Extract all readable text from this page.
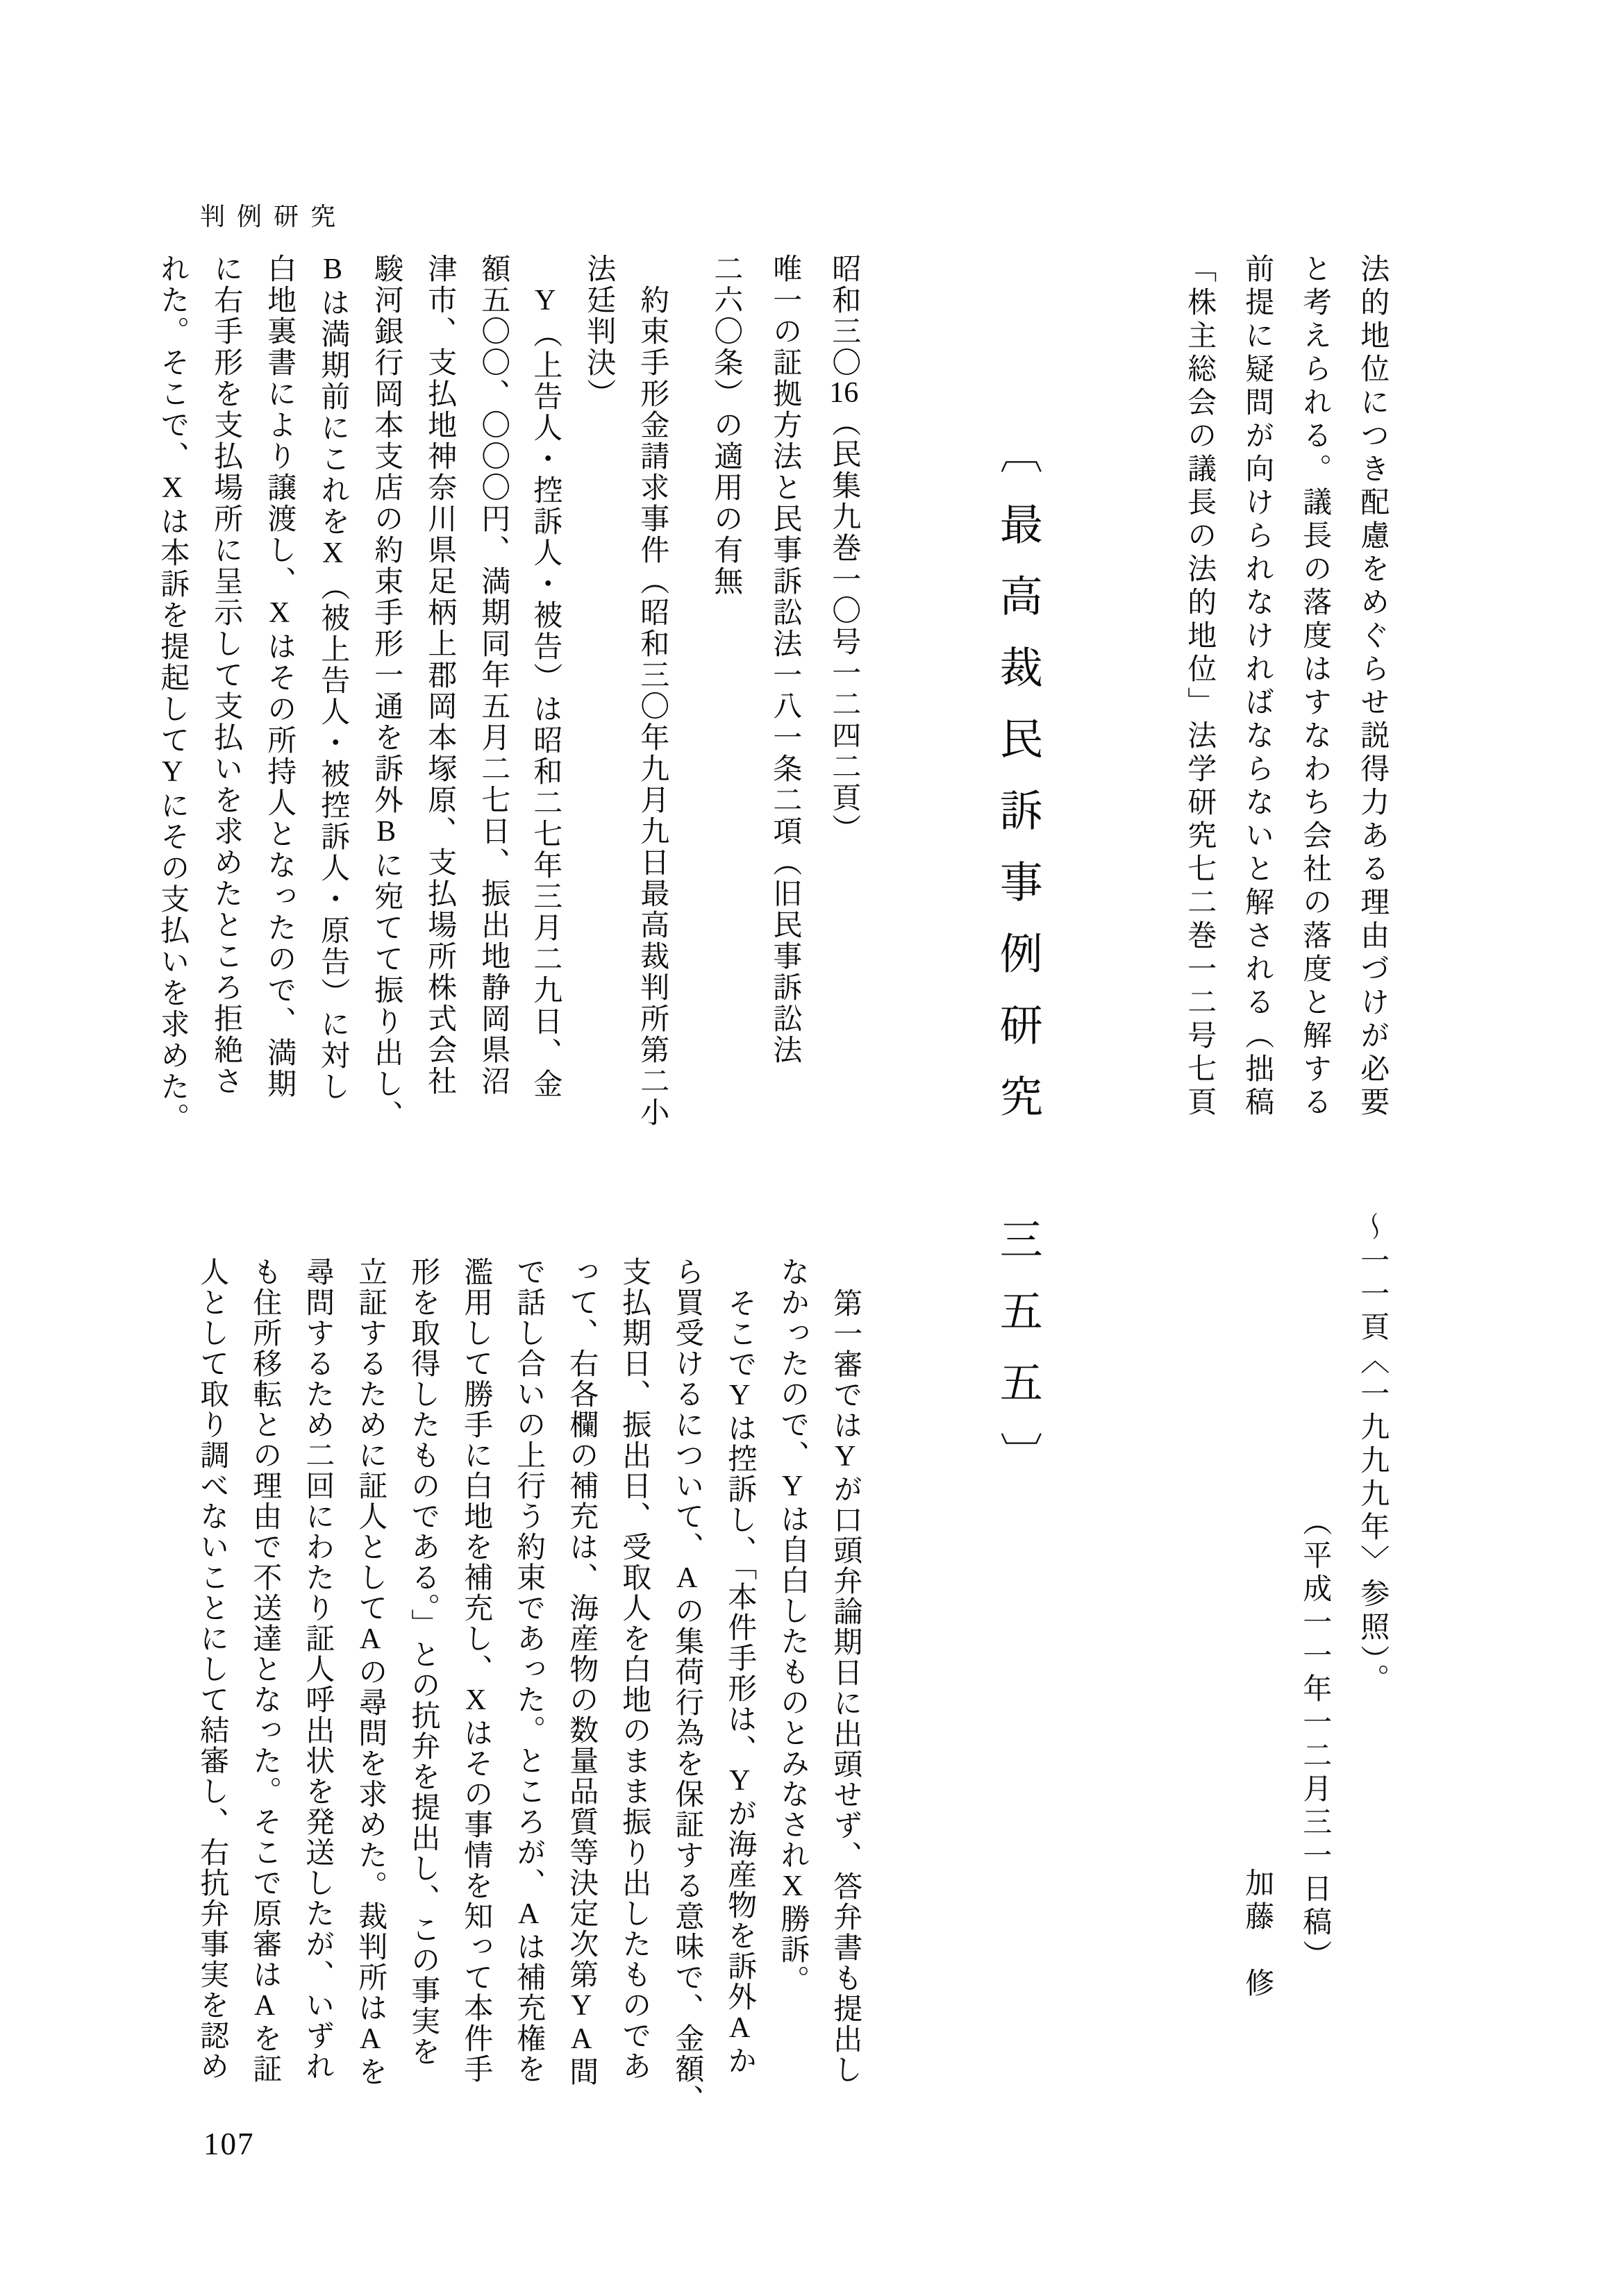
判例研究
法的地位につき配慮をめぐらせ説得力ある理由づけが必要
と考えられる。議長の落度はすなわち会社の落度と解する
前提に疑問が向けられなければならないと解される（拙稿
「株主総会の議長の法的地位」法学研究七二巻一二号七頁
〜一一頁〈一九九九年〉参照）。
（平成一一年一二月三一日稿）
加藤　修
〔最高裁民訴事例研究　三五五〕
昭和三〇16（民集九巻一〇号一二四二頁）
唯一の証拠方法と民事訴訟法一八一条二項（旧民事訴訟法
二六〇条）の適用の有無
約束手形金請求事件（昭和三〇年九月九日最高裁判所第二小
法廷判決）
Y（上告人・控訴人・被告）は昭和二七年三月二九日、金
額五〇〇、〇〇〇円、満期同年五月二七日、振出地静岡県沼
津市、支払地神奈川県足柄上郡岡本塚原、支払場所株式会社
駿河銀行岡本支店の約束手形一通を訴外Bに宛てて振り出し、
Bは満期前にこれをX（被上告人・被控訴人・原告）に対し
白地裏書により譲渡し、Xはその所持人となったので、満期
に右手形を支払場所に呈示して支払いを求めたところ拒絶さ
れた。そこで、Xは本訴を提起してYにその支払いを求めた。
第一審ではYが口頭弁論期日に出頭せず、答弁書も提出し
なかったので、Yは自白したものとみなされX勝訴。
そこでYは控訴し、「本件手形は、Yが海産物を訴外Aか
ら買受けるについて、Aの集荷行為を保証する意味で、金額、
支払期日、振出日、受取人を白地のまま振り出したものであ
って、右各欄の補充は、海産物の数量品質等決定次第YA間
で話し合いの上行う約束であった。ところが、Aは補充権を
濫用して勝手に白地を補充し、Xはその事情を知って本件手
形を取得したものである。」との抗弁を提出し、この事実を
立証するために証人としてAの尋問を求めた。裁判所はAを
尋問するため二回にわたり証人呼出状を発送したが、いずれ
も住所移転との理由で不送達となった。そこで原審はAを証
人として取り調べないことにして結審し、右抗弁事実を認め
107
